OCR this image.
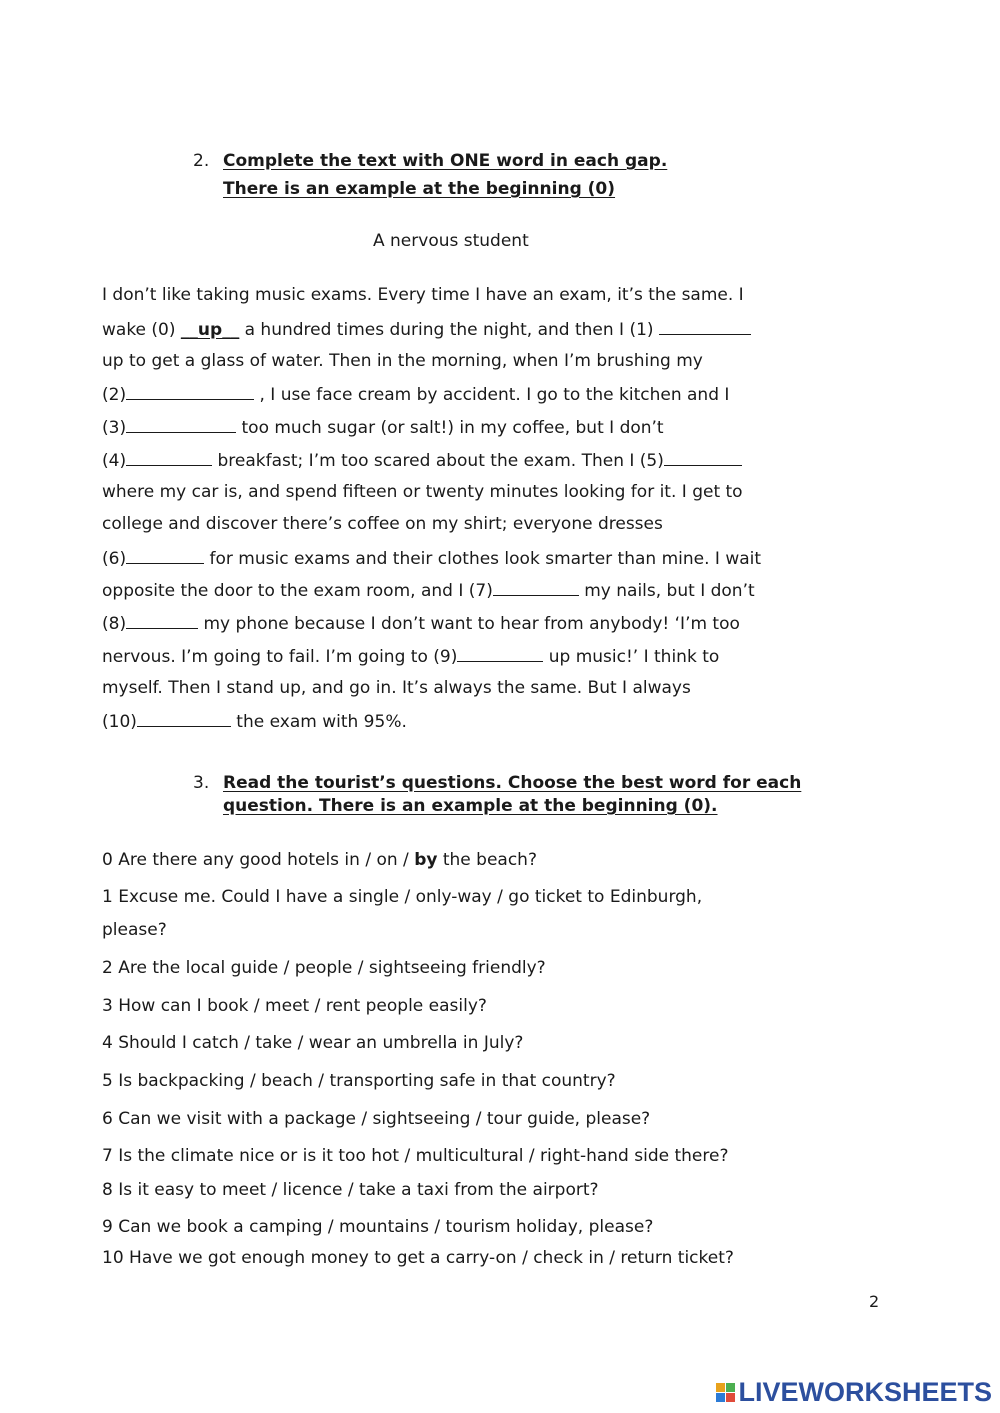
2. Complete the text with ONE word in each gap.
There is an example at the beginning (0)
A nervous student
I don’t like taking music exams. Every time I have an exam, it’s the same. I
wake (0) __up__ a hundred times during the night, and then I (1)
up to get a glass of water. Then in the morning, when I’m brushing my
(2)	, I use face cream by accident. I go to the kitchen and I
(3)	too much sugar (or salt!) in my coffee, but I don’t
(4)	breakfast; I’m too scared about the exam. Then I (5)
where my car is, and spend fifteen or twenty minutes looking for it. I get to
college and discover there’s coffee on my shirt; everyone dresses
(6)	for music exams and their clothes look smarter than mine. I wait
opposite the door to the exam room, and I (7)	my nails, but I don’t
(8)	my phone because I don’t want to hear from anybody! ‘I’m too
nervous. I’m going to fail. I’m going to (9)	up music!’ I think to
myself. Then I stand up, and go in. It’s always the same. But I always
(10)	the exam with 95%.
3. Read the tourist’s questions. Choose the best word for each
question. There is an example at the beginning (0).
0 Are there any good hotels in / on / by the beach?
1 Excuse me. Could I have a single / only-way / go ticket to Edinburgh,
please?
2 Are the local guide / people / sightseeing friendly?
3 How can I book / meet / rent people easily?
4 Should I catch / take / wear an umbrella in July?
5 Is backpacking / beach / transporting safe in that country?
6 Can we visit with a package / sightseeing / tour guide, please?
7 Is the climate nice or is it too hot / multicultural / right-hand side there?
8 Is it easy to meet / licence / take a taxi from the airport?
9 Can we book a camping / mountains / tourism holiday, please?
10 Have we got enough money to get a carry-on / check in / return ticket?
2
LIVEWORKSHEETS
